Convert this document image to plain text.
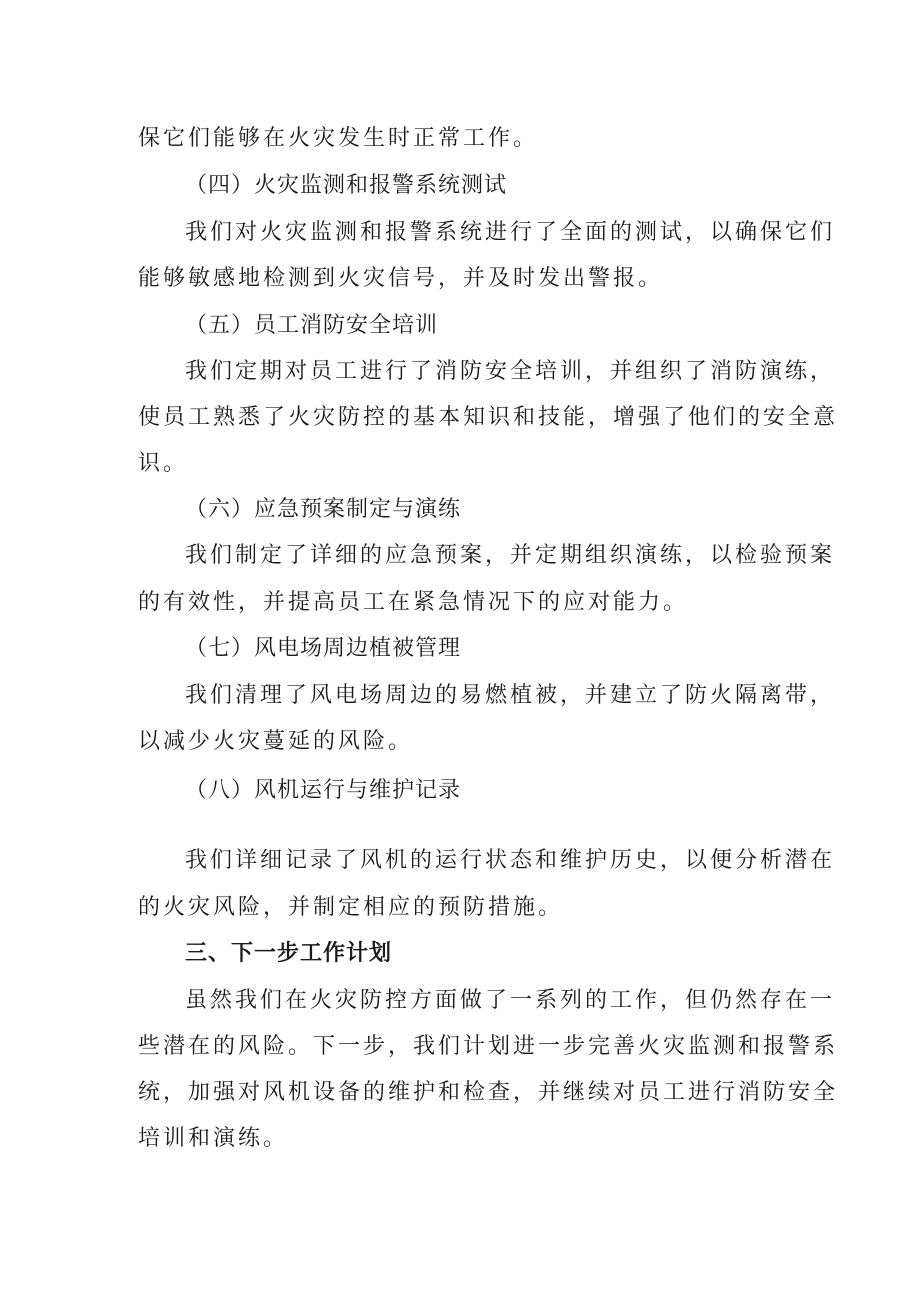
保它们能够在火灾发生时正常工作。
（四）火灾监测和报警系统测试
我们对火灾监测和报警系统进行了全面的测试，以确保它们
能够敏感地检测到火灾信号，并及时发出警报。
（五）员工消防安全培训
我们定期对员工进行了消防安全培训，并组织了消防演练，
使员工熟悉了火灾防控的基本知识和技能，增强了他们的安全意
识。
（六）应急预案制定与演练
我们制定了详细的应急预案，并定期组织演练，以检验预案
的有效性，并提高员工在紧急情况下的应对能力。
（七）风电场周边植被管理
我们清理了风电场周边的易燃植被，并建立了防火隔离带，
以减少火灾蔓延的风险。
（八）风机运行与维护记录
我们详细记录了风机的运行状态和维护历史，以便分析潜在
的火灾风险，并制定相应的预防措施。
三、下一步工作计划
虽然我们在火灾防控方面做了一系列的工作，但仍然存在一
些潜在的风险。下一步，我们计划进一步完善火灾监测和报警系
统，加强对风机设备的维护和检查，并继续对员工进行消防安全
培训和演练。
